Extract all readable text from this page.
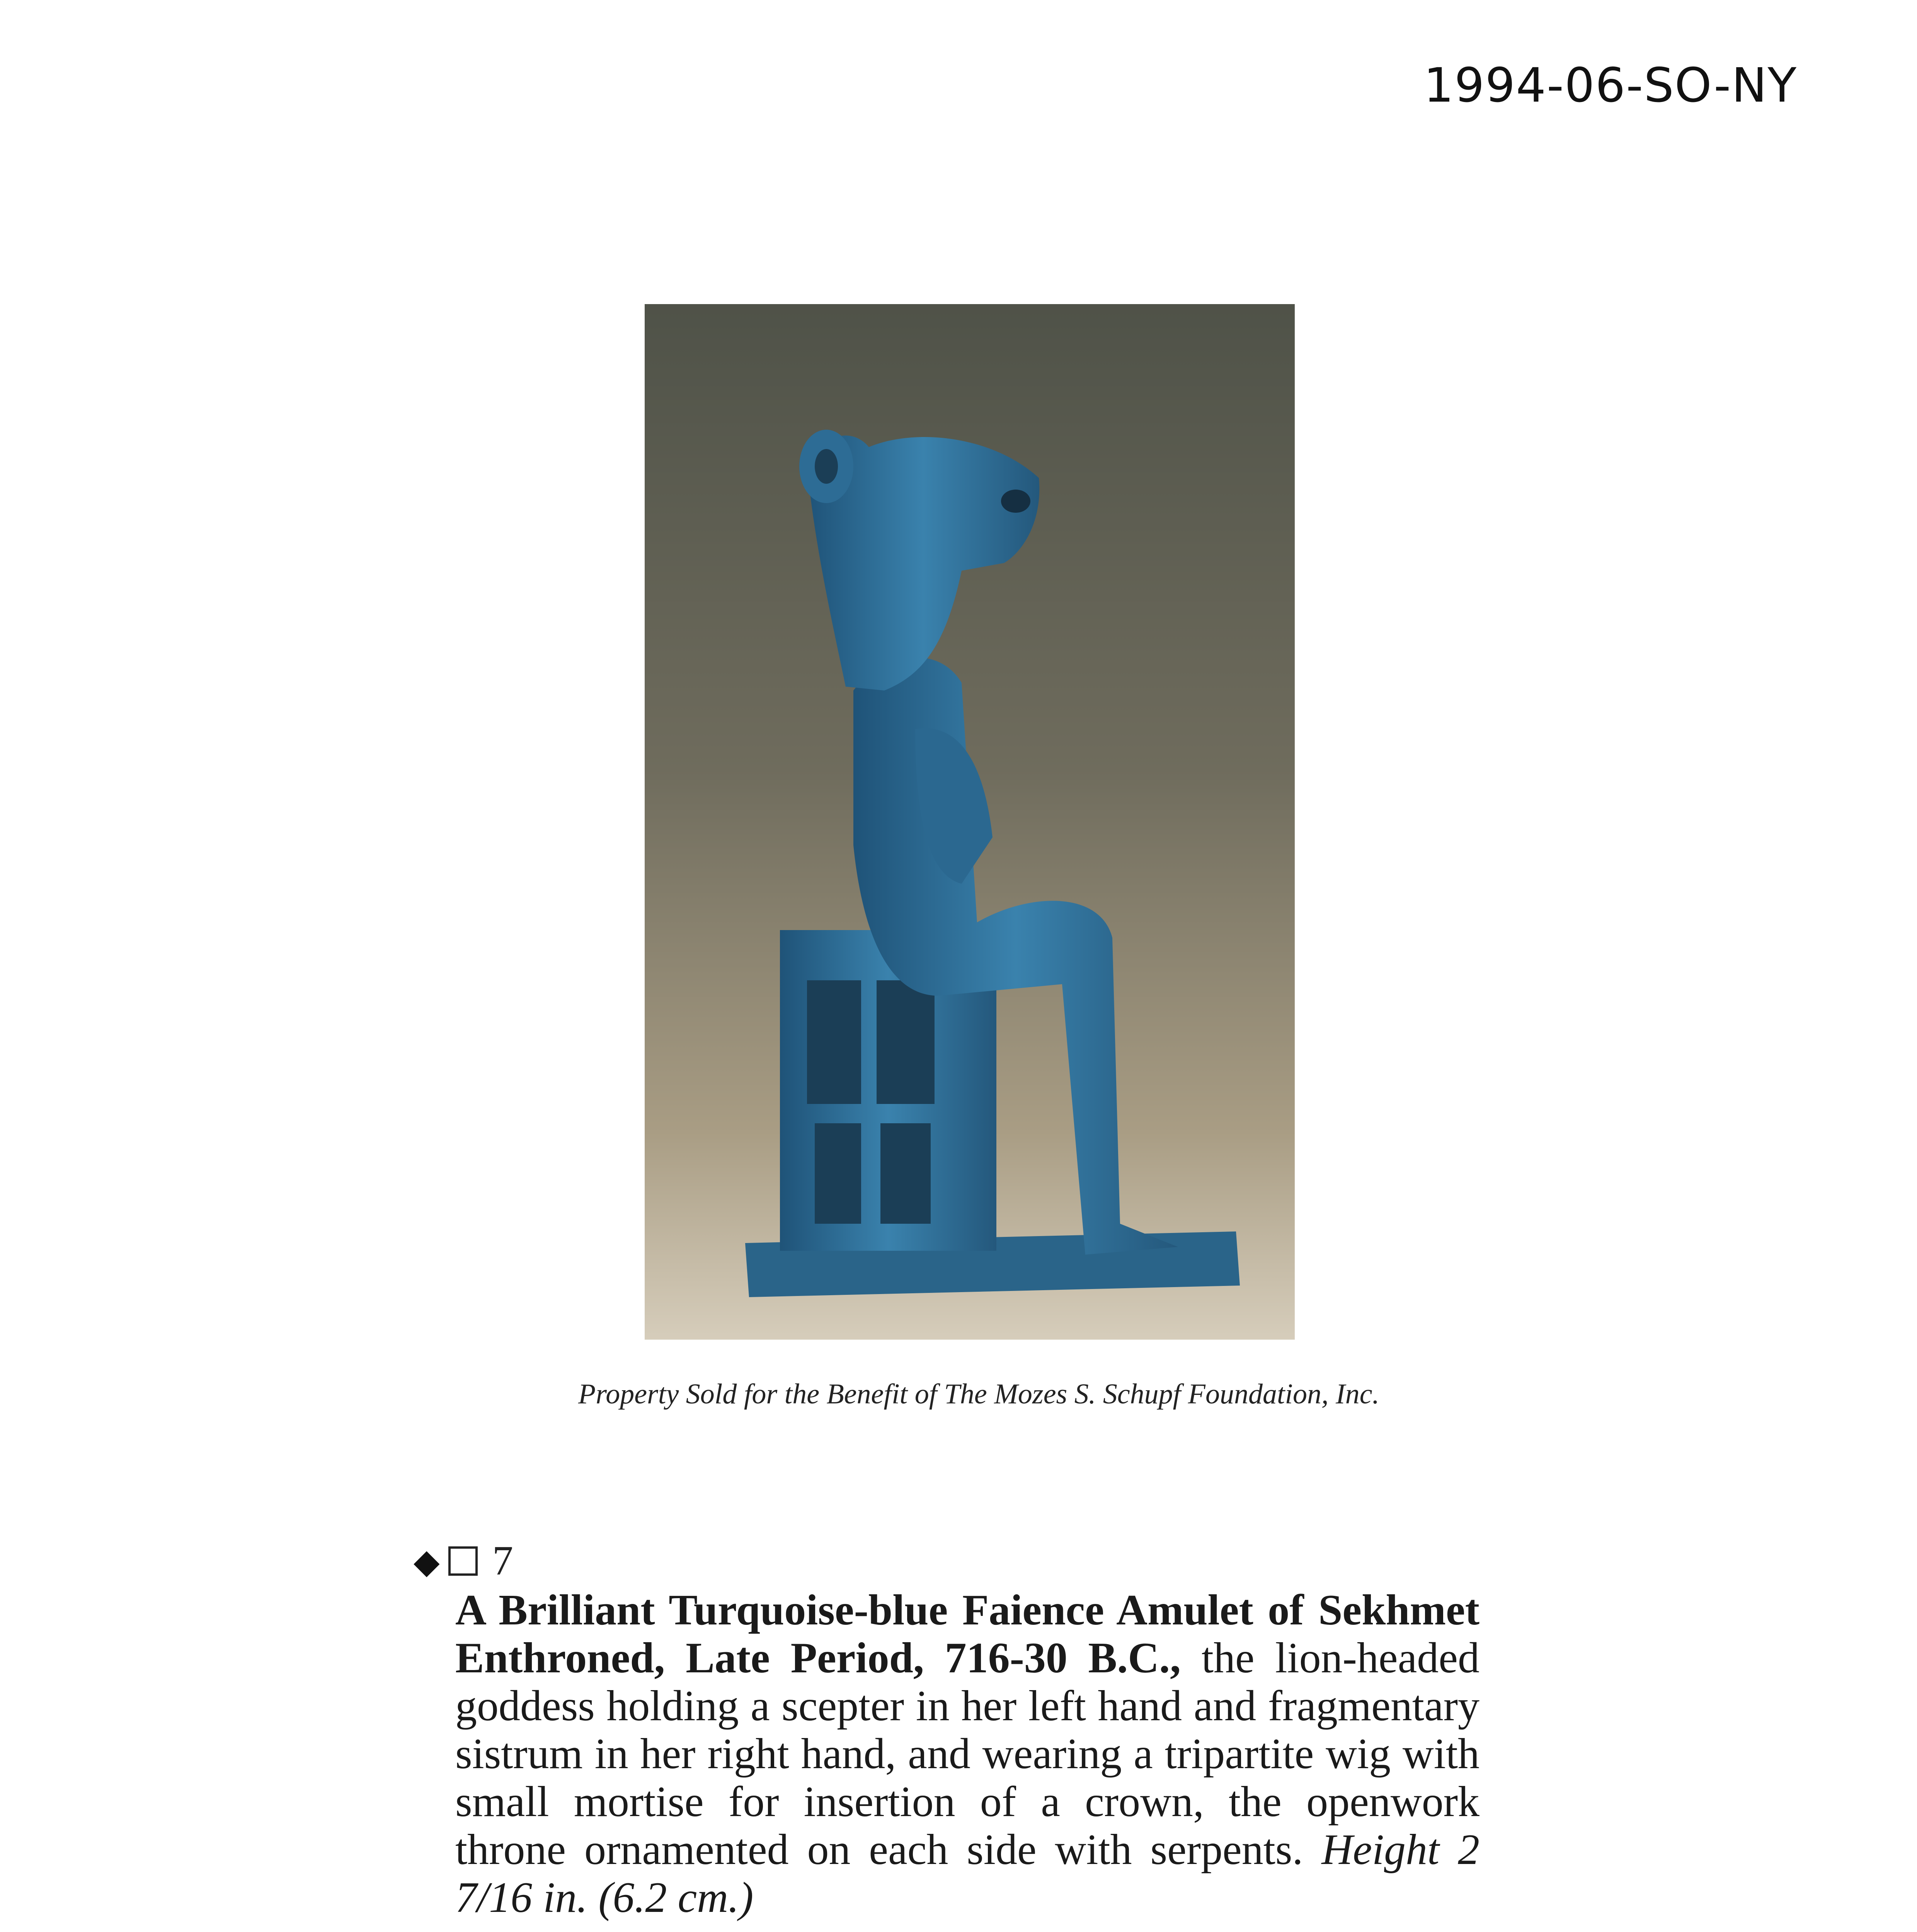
1994-06-SO-NY
Property Sold for the Benefit of The Mozes S. Schupf Foundation, Inc.
◆ 7
A Brilliant Turquoise-blue Faience Amulet of Sekhmet Enthroned, Late Period, 716-30 B.C., the lion-headed goddess holding a scepter in her left hand and fragmentary sistrum in her right hand, and wearing a tripartite wig with small mortise for insertion of a crown, the openwork throne ornamented on each side with serpents. Height 2 7/16 in. (6.2 cm.)
